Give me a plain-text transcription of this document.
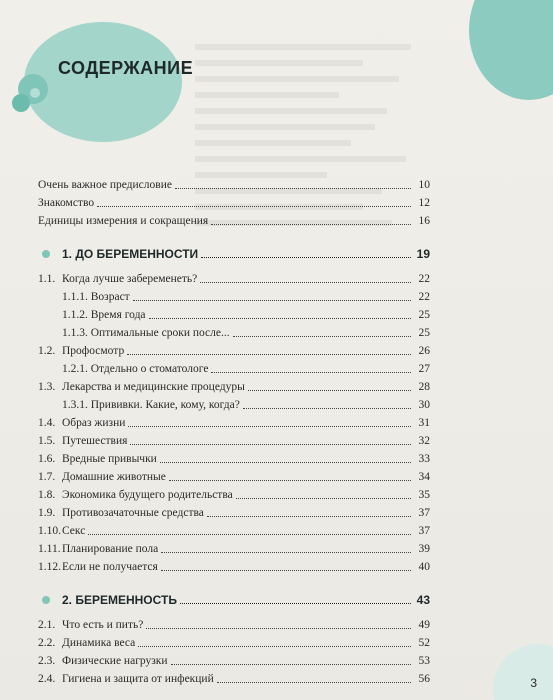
СОДЕРЖАНИЕ
Очень важное предисловие	10
Знакомство	12
Единицы измерения и сокращения	16
1. ДО БЕРЕМЕННОСТИ	19
1.1. Когда лучше забеременеть?	22
1.1.1. Возраст	22
1.1.2. Время года	25
1.1.3. Оптимальные сроки после...	25
1.2. Профосмотр	26
1.2.1. Отдельно о стоматологе	27
1.3. Лекарства и медицинские процедуры	28
1.3.1. Прививки. Какие, кому, когда?	30
1.4. Образ жизни	31
1.5. Путешествия	32
1.6. Вредные привычки	33
1.7. Домашние животные	34
1.8. Экономика будущего родительства	35
1.9. Противозачаточные средства	37
1.10. Секс	37
1.11. Планирование пола	39
1.12. Если не получается	40
2. БЕРЕМЕННОСТЬ	43
2.1. Что есть и пить?	49
2.2. Динамика веса	52
2.3. Физические нагрузки	53
2.4. Гигиена и защита от инфекций	56	3
